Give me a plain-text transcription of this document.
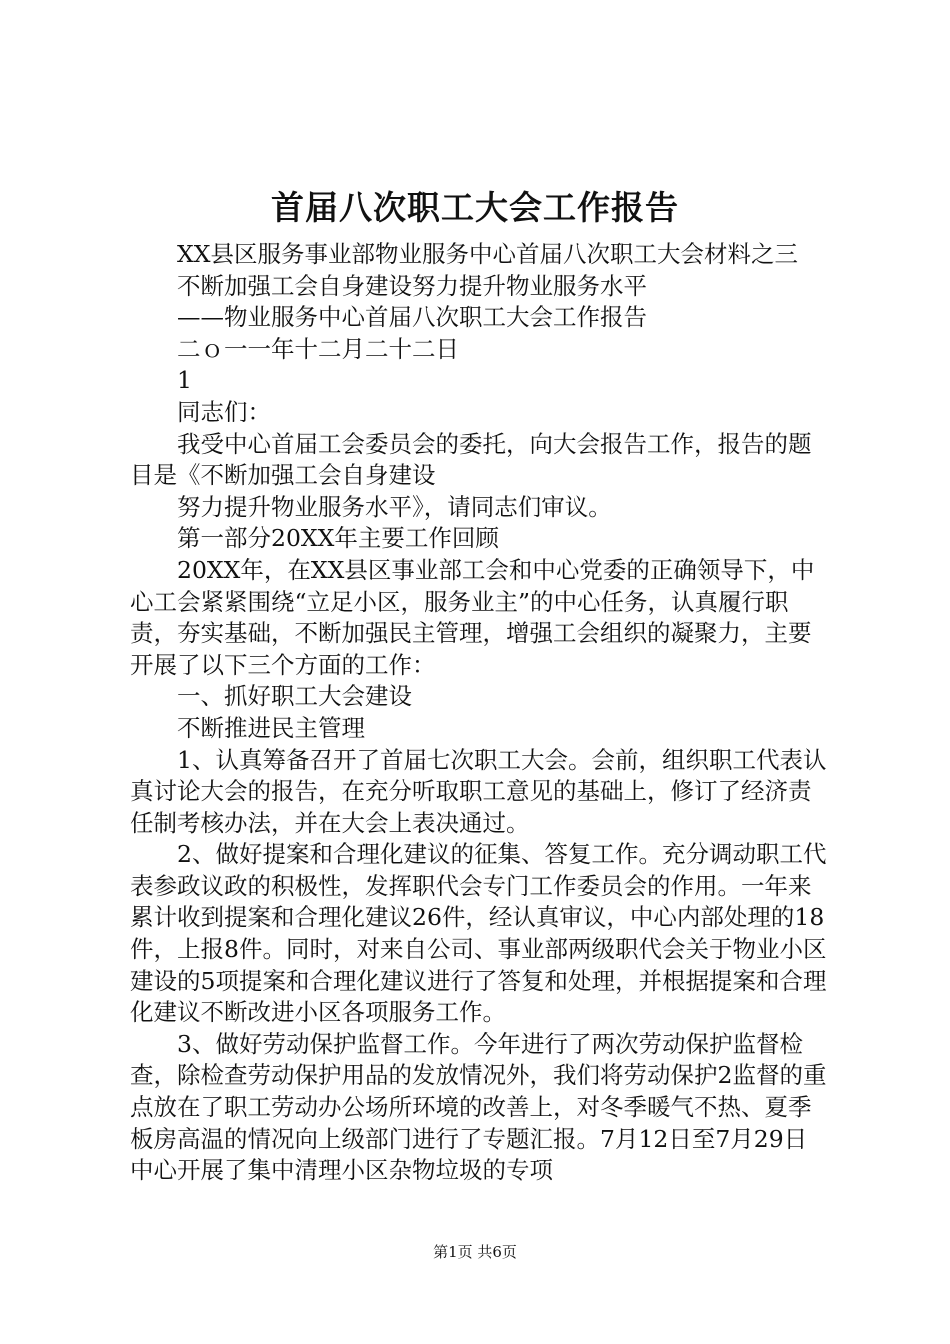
首届八次职工大会工作报告

XX县区服务事业部物业服务中心首届八次职工大会材料之三

不断加强工会自身建设努力提升物业服务水平

——物业服务中心首届八次职工大会工作报告

二ｏ一一年十二月二十二日

1

同志们：

我受中心首届工会委员会的委托，向大会报告工作，报告的题目是《不断加强工会自身建设

努力提升物业服务水平》，请同志们审议。

第一部分20XX年主要工作回顾

20XX年，在XX县区事业部工会和中心党委的正确领导下，中心工会紧紧围绕“立足小区，服务业主”的中心任务，认真履行职责，夯实基础，不断加强民主管理，增强工会组织的凝聚力，主要开展了以下三个方面的工作：

一、抓好职工大会建设

不断推进民主管理

1、认真筹备召开了首届七次职工大会。会前，组织职工代表认真讨论大会的报告，在充分听取职工意见的基础上，修订了经济责任制考核办法，并在大会上表决通过。

2、做好提案和合理化建议的征集、答复工作。充分调动职工代表参政议政的积极性，发挥职代会专门工作委员会的作用。一年来累计收到提案和合理化建议26件，经认真审议，中心内部处理的18件，上报8件。同时，对来自公司、事业部两级职代会关于物业小区建设的5项提案和合理化建议进行了答复和处理，并根据提案和合理化建议不断改进小区各项服务工作。

3、做好劳动保护监督工作。今年进行了两次劳动保护监督检查，除检查劳动保护用品的发放情况外，我们将劳动保护2监督的重点放在了职工劳动办公场所环境的改善上，对冬季暖气不热、夏季板房高温的情况向上级部门进行了专题汇报。7月12日至7月29日中心开展了集中清理小区杂物垃圾的专项

第1页 共6页
